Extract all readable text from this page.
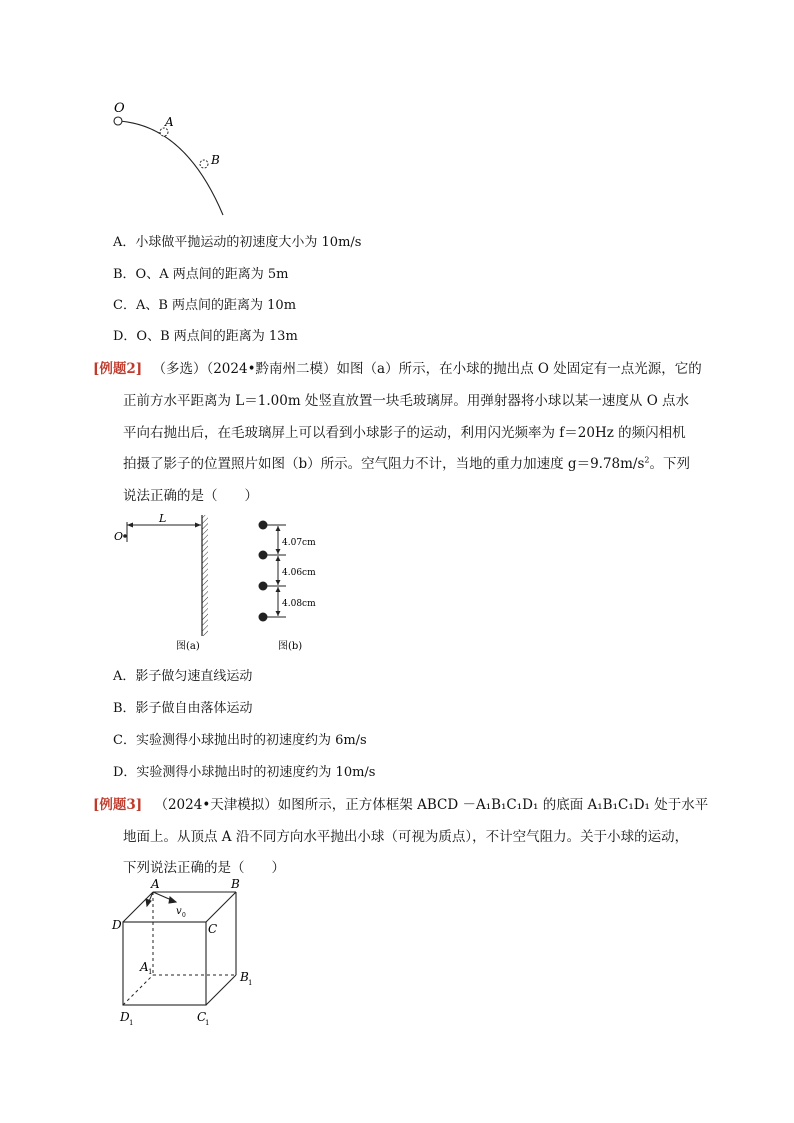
O
A
B
A．小球做平抛运动的初速度大小为 10m/s
B．O、A 两点间的距离为 5m
C．A、B 两点间的距离为 10m
D．O、B 两点间的距离为 13m
[例题2] （多选）（2024•黔南州二模）如图（a）所示，在小球的抛出点 O 处固定有一点光源，它的
正前方水平距离为 L＝1.00m 处竖直放置一块毛玻璃屏。用弹射器将小球以某一速度从 O 点水
平向右抛出后，在毛玻璃屏上可以看到小球影子的运动，利用闪光频率为 f＝20Hz 的频闪相机
拍摄了影子的位置照片如图（b）所示。空气阻力不计，当地的重力加速度 $g=9.78m/s^2$。下列
说法正确的是（　　）
L
O
图(a)
4.07cm
4.06cm
4.08cm
图(b)
A．影子做匀速直线运动
B．影子做自由落体运动
C．实验测得小球抛出时的初速度约为 6m/s
D．实验测得小球抛出时的初速度约为 10m/s
[例题3] （2024•天津模拟）如图所示，正方体框架 ABCD －A₁B₁C₁D₁ 的底面 A₁B₁C₁D₁ 处于水平
地面上。从顶点 A 沿不同方向水平抛出小球（可视为质点），不计空气阻力。关于小球的运动，
下列说法正确的是（　　）
A	B
C
D
A 1	B 1
C
1
D 1
v 0
